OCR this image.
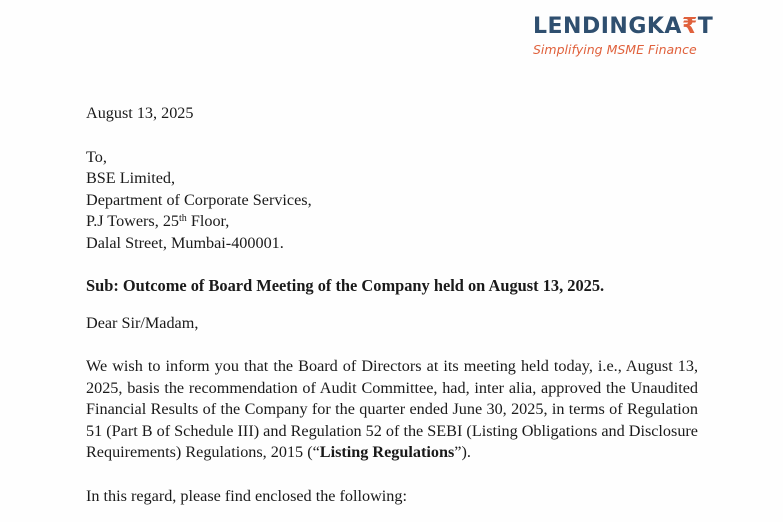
LENDINGKA₹T
Simplifying MSME Finance
August 13, 2025
To,
BSE Limited,
Department of Corporate Services,
P.J Towers, 25th Floor,
Dalal Street, Mumbai-400001.
Sub: Outcome of Board Meeting of the Company held on August 13, 2025.
Dear Sir/Madam,
We wish to inform you that the Board of Directors at its meeting held today, i.e., August 13, 2025, basis the recommendation of Audit Committee, had, inter alia, approved the Unaudited Financial Results of the Company for the quarter ended June 30, 2025, in terms of Regulation 51 (Part B of Schedule III) and Regulation 52 of the SEBI (Listing Obligations and Disclosure Requirements) Regulations, 2015 (“Listing Regulations”).
In this regard, please find enclosed the following:
